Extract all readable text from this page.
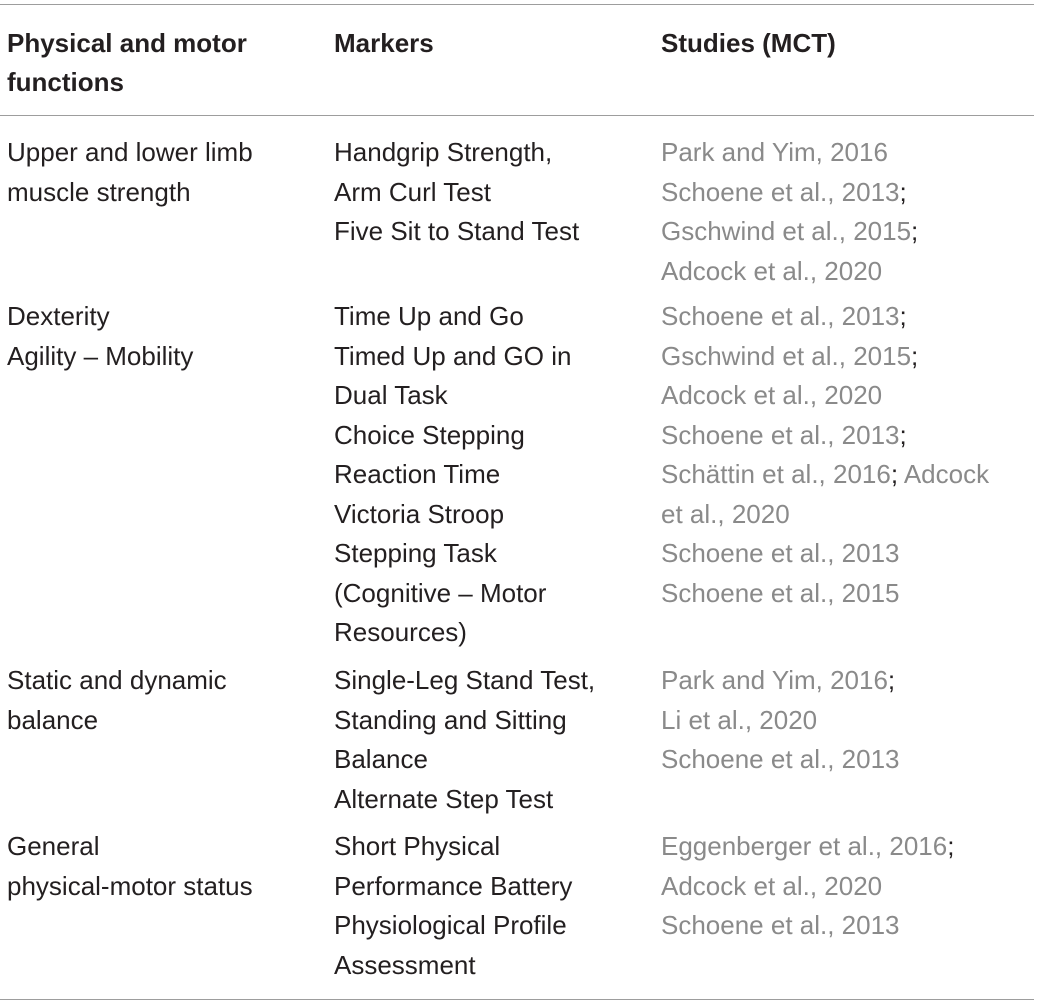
Physical and motor
functions
Markers	Studies (MCT)
Upper and lower limb
muscle strength
Handgrip Strength,
Arm Curl Test
Five Sit to Stand Test
Park and Yim, 2016
Schoene et al., 2013;
Gschwind et al., 2015;
Adcock et al., 2020
Dexterity
Agility – Mobility
Time Up and Go
Timed Up and GO in
Dual Task
Choice Stepping
Reaction Time
Victoria Stroop
Stepping Task
(Cognitive – Motor
Resources)
Schoene et al., 2013;
Gschwind et al., 2015;
Adcock et al., 2020
Schoene et al., 2013;
Schättin et al., 2016; Adcock
et al., 2020
Schoene et al., 2013
Schoene et al., 2015
Static and dynamic
balance
Single-Leg Stand Test,
Standing and Sitting
Balance
Alternate Step Test
Park and Yim, 2016;
Li et al., 2020
Schoene et al., 2013
General
physical-motor status
Short Physical
Performance Battery
Physiological Profile
Assessment
Eggenberger et al., 2016;
Adcock et al., 2020
Schoene et al., 2013
